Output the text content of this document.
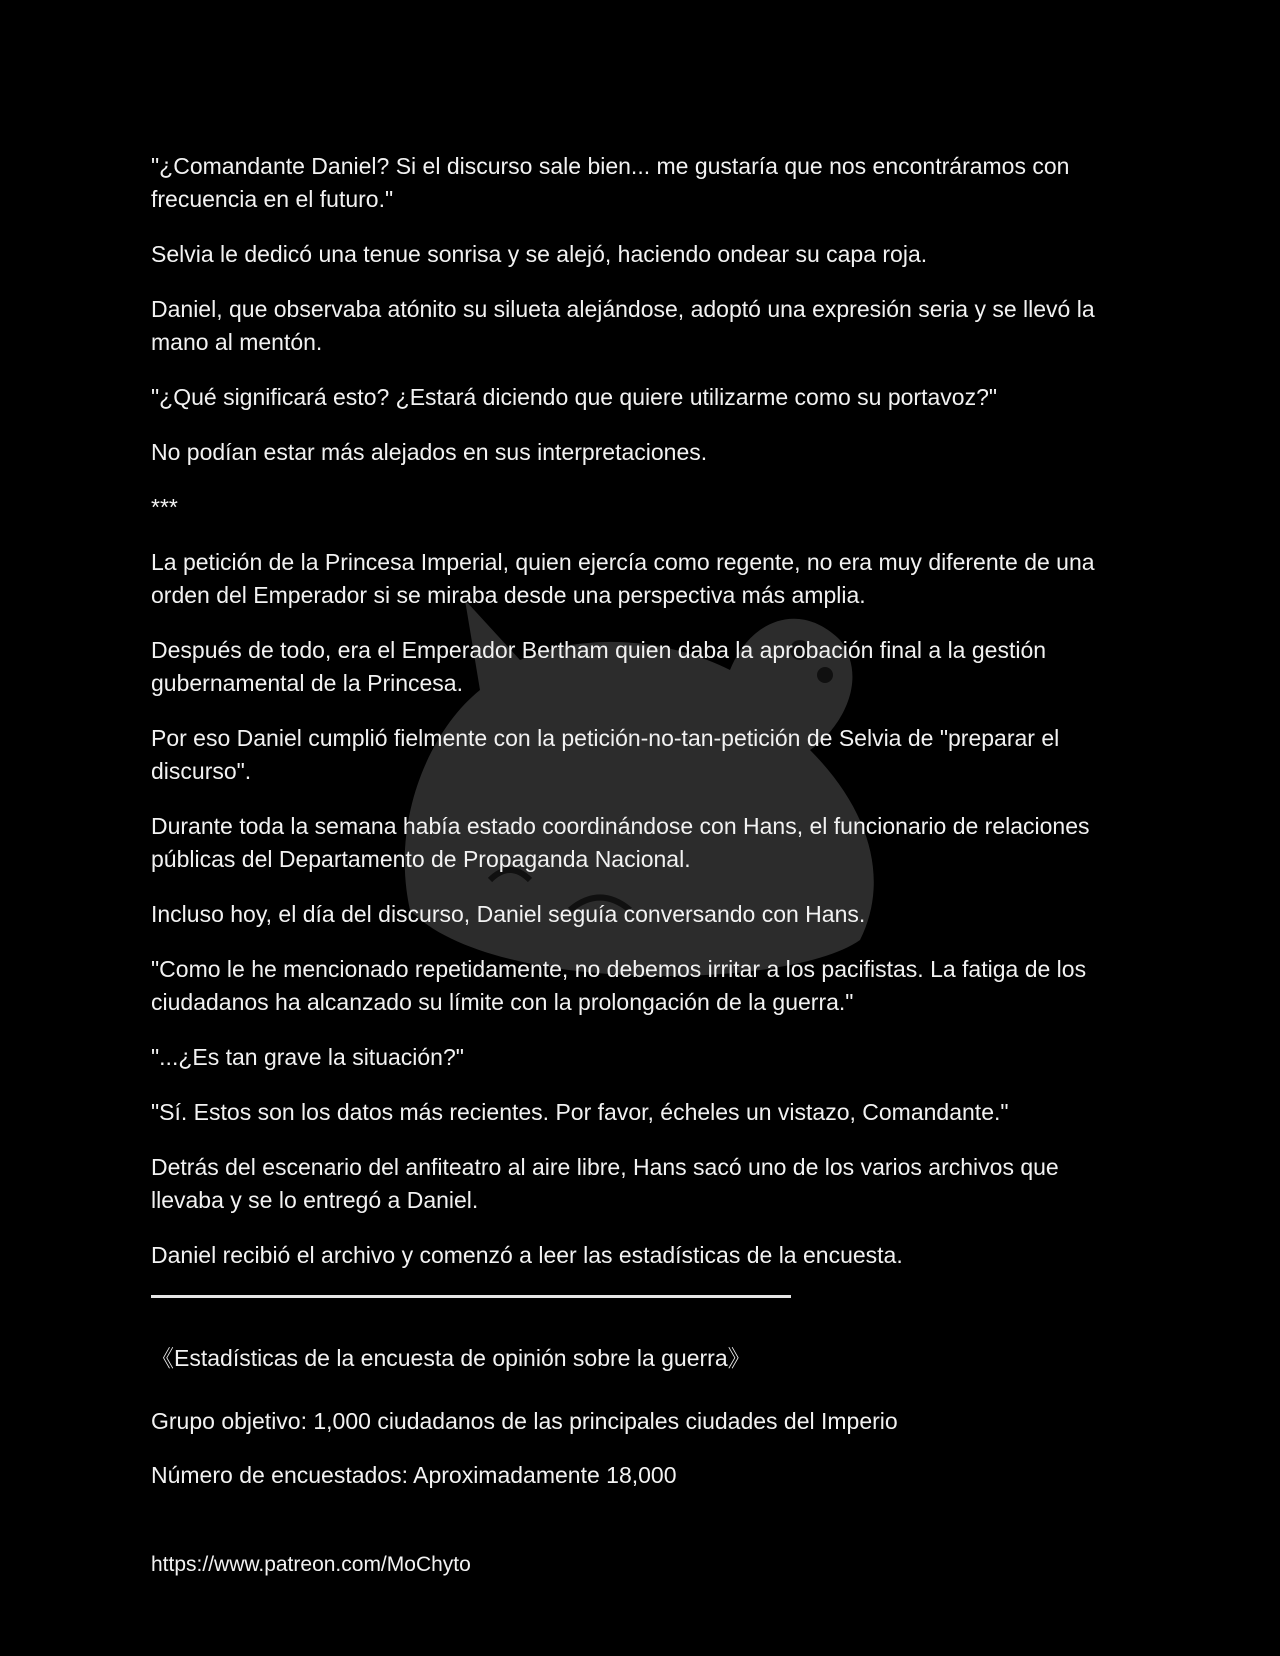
"¿Comandante Daniel? Si el discurso sale bien... me gustaría que nos encontráramos con frecuencia en el futuro."

Selvia le dedicó una tenue sonrisa y se alejó, haciendo ondear su capa roja.

Daniel, que observaba atónito su silueta alejándose, adoptó una expresión seria y se llevó la mano al mentón.

"¿Qué significará esto? ¿Estará diciendo que quiere utilizarme como su portavoz?"

No podían estar más alejados en sus interpretaciones.

***

La petición de la Princesa Imperial, quien ejercía como regente, no era muy diferente de una orden del Emperador si se miraba desde una perspectiva más amplia.

Después de todo, era el Emperador Bertham quien daba la aprobación final a la gestión gubernamental de la Princesa.

Por eso Daniel cumplió fielmente con la petición-no-tan-petición de Selvia de "preparar el discurso".

Durante toda la semana había estado coordinándose con Hans, el funcionario de relaciones públicas del Departamento de Propaganda Nacional.

Incluso hoy, el día del discurso, Daniel seguía conversando con Hans.

"Como le he mencionado repetidamente, no debemos irritar a los pacifistas. La fatiga de los ciudadanos ha alcanzado su límite con la prolongación de la guerra."

"...¿Es tan grave la situación?"

"Sí. Estos son los datos más recientes. Por favor, écheles un vistazo, Comandante."

Detrás del escenario del anfiteatro al aire libre, Hans sacó uno de los varios archivos que llevaba y se lo entregó a Daniel.

Daniel recibió el archivo y comenzó a leer las estadísticas de la encuesta.

《Estadísticas de la encuesta de opinión sobre la guerra》

Grupo objetivo: 1,000 ciudadanos de las principales ciudades del Imperio

Número de encuestados: Aproximadamente 18,000

https://www.patreon.com/MoChyto
